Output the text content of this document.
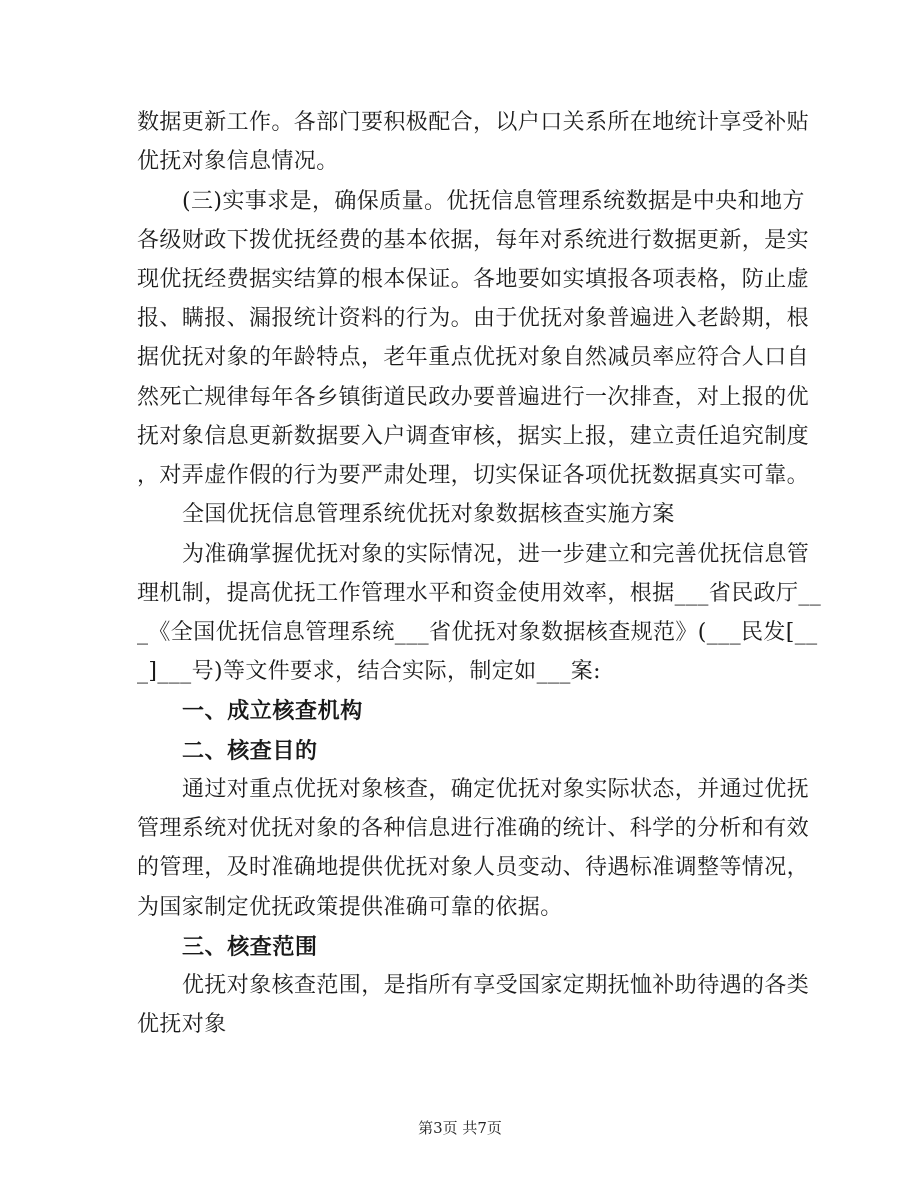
数据更新工作。各部门要积极配合，以户口关系所在地统计享受补贴

优抚对象信息情况。

(三)实事求是，确保质量。优抚信息管理系统数据是中央和地方

各级财政下拨优抚经费的基本依据，每年对系统进行数据更新，是实

现优抚经费据实结算的根本保证。各地要如实填报各项表格，防止虚

报、瞒报、漏报统计资料的行为。由于优抚对象普遍进入老龄期，根

据优抚对象的年龄特点，老年重点优抚对象自然减员率应符合人口自

然死亡规律每年各乡镇街道民政办要普遍进行一次排查，对上报的优

抚对象信息更新数据要入户调查审核，据实上报，建立责任追究制度

，对弄虚作假的行为要严肃处理，切实保证各项优抚数据真实可靠。

全国优抚信息管理系统优抚对象数据核查实施方案

为准确掌握优抚对象的实际情况，进一步建立和完善优抚信息管

理机制，提高优抚工作管理水平和资金使用效率，根据___省民政厅__

_《全国优抚信息管理系统___省优抚对象数据核查规范》(___民发[__

_]___号)等文件要求，结合实际，制定如___案:

一、成立核查机构

二、核查目的

通过对重点优抚对象核查，确定优抚对象实际状态，并通过优抚

管理系统对优抚对象的各种信息进行准确的统计、科学的分析和有效

的管理，及时准确地提供优抚对象人员变动、待遇标准调整等情况，

为国家制定优抚政策提供准确可靠的依据。

三、核查范围

优抚对象核查范围，是指所有享受国家定期抚恤补助待遇的各类

优抚对象

第3页 共7页
